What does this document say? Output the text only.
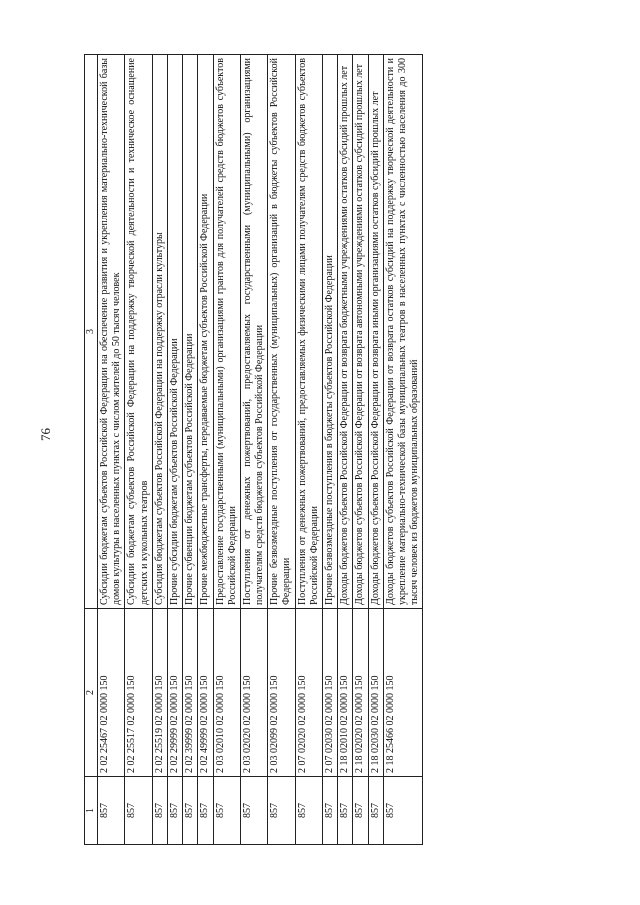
76
1	2	3
857	2 02 25467 02 0000 150	Субсидии бюджетам субъектов Российской Федерации на обеспечение развития и укрепления материально-технической базы домов культуры в населенных пунктах с числом жителей до 50 тысяч человек
857	2 02 25517 02 0000 150	Субсидии бюджетам субъектов Российской Федерации на поддержку творческой деятельности и техническое оснащение детских и кукольных театров
857	2 02 25519 02 0000 150	Субсидия бюджетам субъектов Российской Федерации на поддержку отрасли культуры
857	2 02 29999 02 0000 150	Прочие субсидии бюджетам субъектов Российской Федерации
857	2 02 39999 02 0000 150	Прочие субвенции бюджетам субъектов Российской Федерации
857	2 02 49999 02 0000 150	Прочие межбюджетные трансферты, передаваемые бюджетам субъектов Российской Федерации
857	2 03 02010 02 0000 150	Предоставление государственными (муниципальными) организациями грантов для получателей средств бюджетов субъектов Российской Федерации
857	2 03 02020 02 0000 150	Поступления от денежных пожертвований, предоставляемых государственными (муниципальными) организациями получателям средств бюджетов субъектов Российской Федерации
857	2 03 02099 02 0000 150	Прочие безвозмездные поступления от государственных (муниципальных) организаций в бюджеты субъектов Российской Федерации
857	2 07 02020 02 0000 150	Поступления от денежных пожертвований, предоставляемых физическими лицами получателям средств бюджетов субъектов Российской Федерации
857	2 07 02030 02 0000 150	Прочие безвозмездные поступления в бюджеты субъектов Российской Федерации
857	2 18 02010 02 0000 150	Доходы бюджетов субъектов Российской Федерации от возврата бюджетными учреждениями остатков субсидий прошлых лет
857	2 18 02020 02 0000 150	Доходы бюджетов субъектов Российской Федерации от возврата автономными учреждениями остатков субсидий прошлых лет
857	2 18 02030 02 0000 150	Доходы бюджетов субъектов Российской Федерации от возврата иными организациями остатков субсидий прошлых лет
857	2 18 25466 02 0000 150	Доходы бюджетов субъектов Российской Федерации от возврата остатков субсидий на поддержку творческой деятельности и укрепление материально-технической базы муниципальных театров в населенных пунктах с численностью населения до 300 тысяч человек из бюджетов муниципальных образований
